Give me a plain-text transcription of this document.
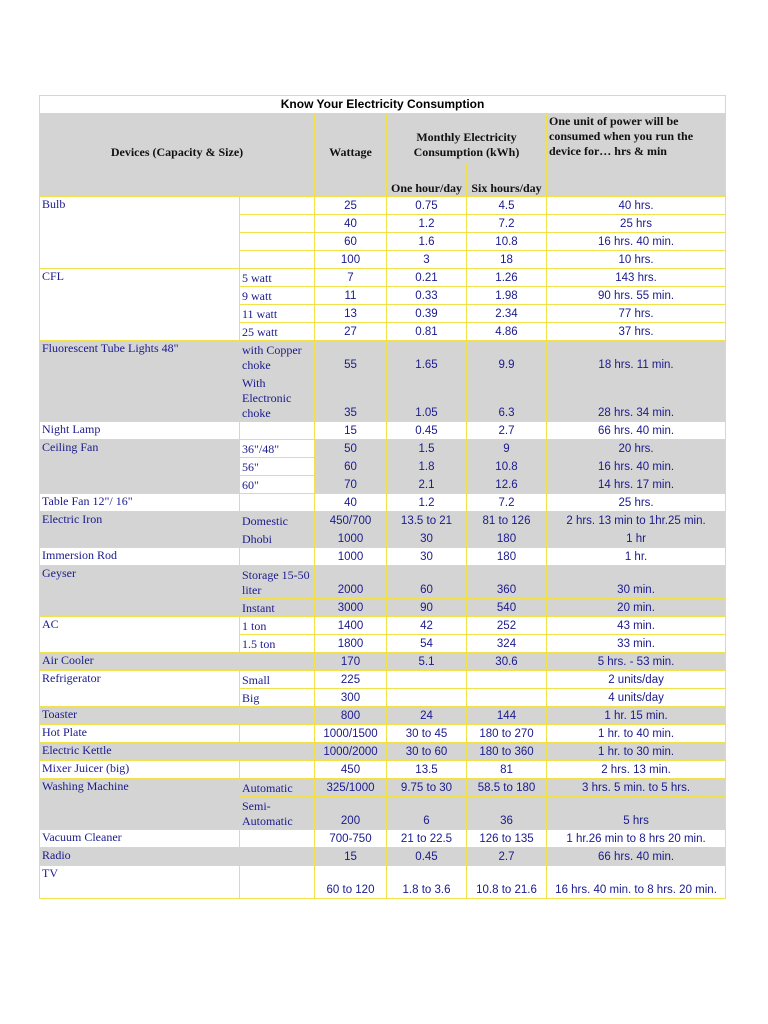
Know Your Electricity Consumption					
Devices (Capacity & Size)		Wattage	Monthly Electricity Consumption (kWh)		One unit of power will be consumed when you run the device for… hrs & min
			One hour/day	Six hours/day	
Bulb		25	0.75	4.5	40 hrs.
		40	1.2	7.2	25 hrs
		60	1.6	10.8	16 hrs. 40 min.
		100	3	18	10 hrs.
CFL	5 watt	7	0.21	1.26	143 hrs.
	9 watt	11	0.33	1.98	90 hrs. 55 min.
	11 watt	13	0.39	2.34	77 hrs.
	25 watt	27	0.81	4.86	37 hrs.
Fluorescent Tube Lights 48"	with Copper choke	55	1.65	9.9	18 hrs. 11 min.
	With Electronic choke	35	1.05	6.3	28 hrs. 34 min.
Night Lamp		15	0.45	2.7	66 hrs. 40 min.
Ceiling Fan	36"/48"	50	1.5	9	20 hrs.
	56"	60	1.8	10.8	16 hrs. 40 min.
	60"	70	2.1	12.6	14 hrs. 17 min.
Table Fan 12"/ 16"		40	1.2	7.2	25 hrs.
Electric Iron	Domestic	450/700	13.5 to 21	81 to 126	2 hrs. 13 min to 1hr.25 min.
	Dhobi	1000	30	180	1 hr
Immersion Rod		1000	30	180	1 hr.
Geyser	Storage 15-50 liter	2000	60	360	30 min.
	Instant	3000	90	540	20 min.
AC	1 ton	1400	42	252	43 min.
	1.5 ton	1800	54	324	33 min.
Air Cooler		170	5.1	30.6	5 hrs. - 53 min.
Refrigerator	Small	225			2 units/day
	Big	300			4 units/day
Toaster		800	24	144	1 hr. 15 min.
Hot Plate		1000/1500	30 to 45	180 to 270	1 hr. to 40 min.
Electric Kettle		1000/2000	30 to 60	180 to 360	1 hr. to 30 min.
Mixer Juicer (big)		450	13.5	81	2 hrs. 13 min.
Washing Machine	Automatic	325/1000	9.75 to 30	58.5 to 180	3 hrs. 5 min. to 5 hrs.
	Semi-Automatic	200	6	36	5 hrs
Vacuum Cleaner		700-750	21 to 22.5	126 to 135	1 hr.26 min to 8 hrs 20 min.
Radio		15	0.45	2.7	66 hrs. 40 min.
TV		60 to 120	1.8 to 3.6	10.8 to 21.6	16 hrs. 40 min. to 8 hrs. 20 min.
